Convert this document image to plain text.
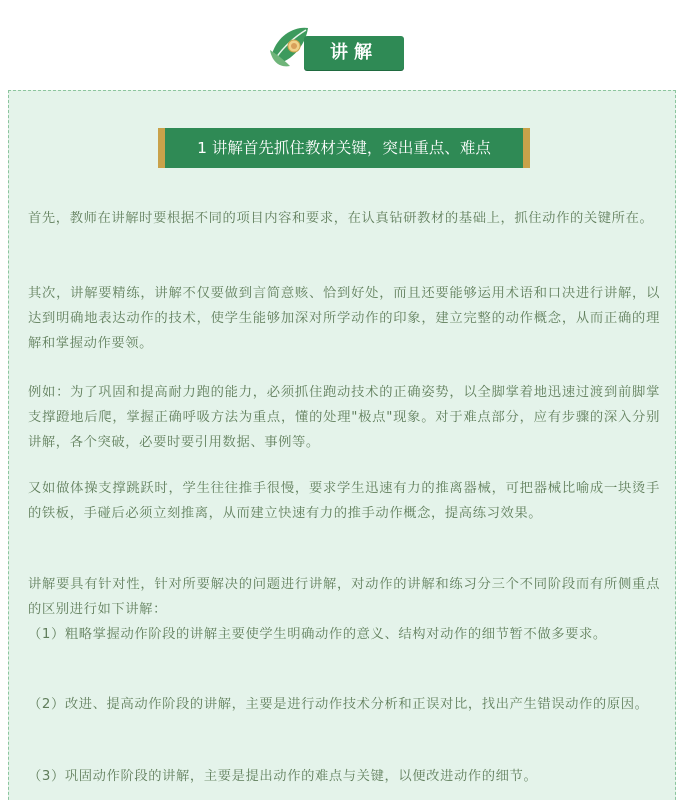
讲解
1 讲解首先抓住教材关键，突出重点、难点

首先，教师在讲解时要根据不同的项目内容和要求，在认真钻研教材的基础上，抓住动作的关键所在。

其次，讲解要精练，讲解不仅要做到言简意赅、恰到好处，而且还要能够运用术语和口决进行讲解，以达到明确地表达动作的技术，使学生能够加深对所学动作的印象，建立完整的动作概念，从而正确的理解和掌握动作要领。

例如：为了巩固和提高耐力跑的能力，必须抓住跑动技术的正确姿势，以全脚掌着地迅速过渡到前脚掌支撑蹬地后爬，掌握正确呼吸方法为重点，懂的处理"极点"现象。对于难点部分，应有步骤的深入分别讲解，各个突破，必要时要引用数据、事例等。

又如做体操支撑跳跃时，学生往往推手很慢，要求学生迅速有力的推离器械，可把器械比喻成一块烫手的铁板，手碰后必须立刻推离，从而建立快速有力的推手动作概念，提高练习效果。

讲解要具有针对性，针对所要解决的问题进行讲解，对动作的讲解和练习分三个不同阶段而有所侧重点的区别进行如下讲解：

（1）粗略掌握动作阶段的讲解主要使学生明确动作的意义、结构对动作的细节暂不做多要求。

（2）改进、提高动作阶段的讲解，主要是进行动作技术分析和正误对比，找出产生错误动作的原因。

（3）巩固动作阶段的讲解，主要是提出动作的难点与关键，以便改进动作的细节。
